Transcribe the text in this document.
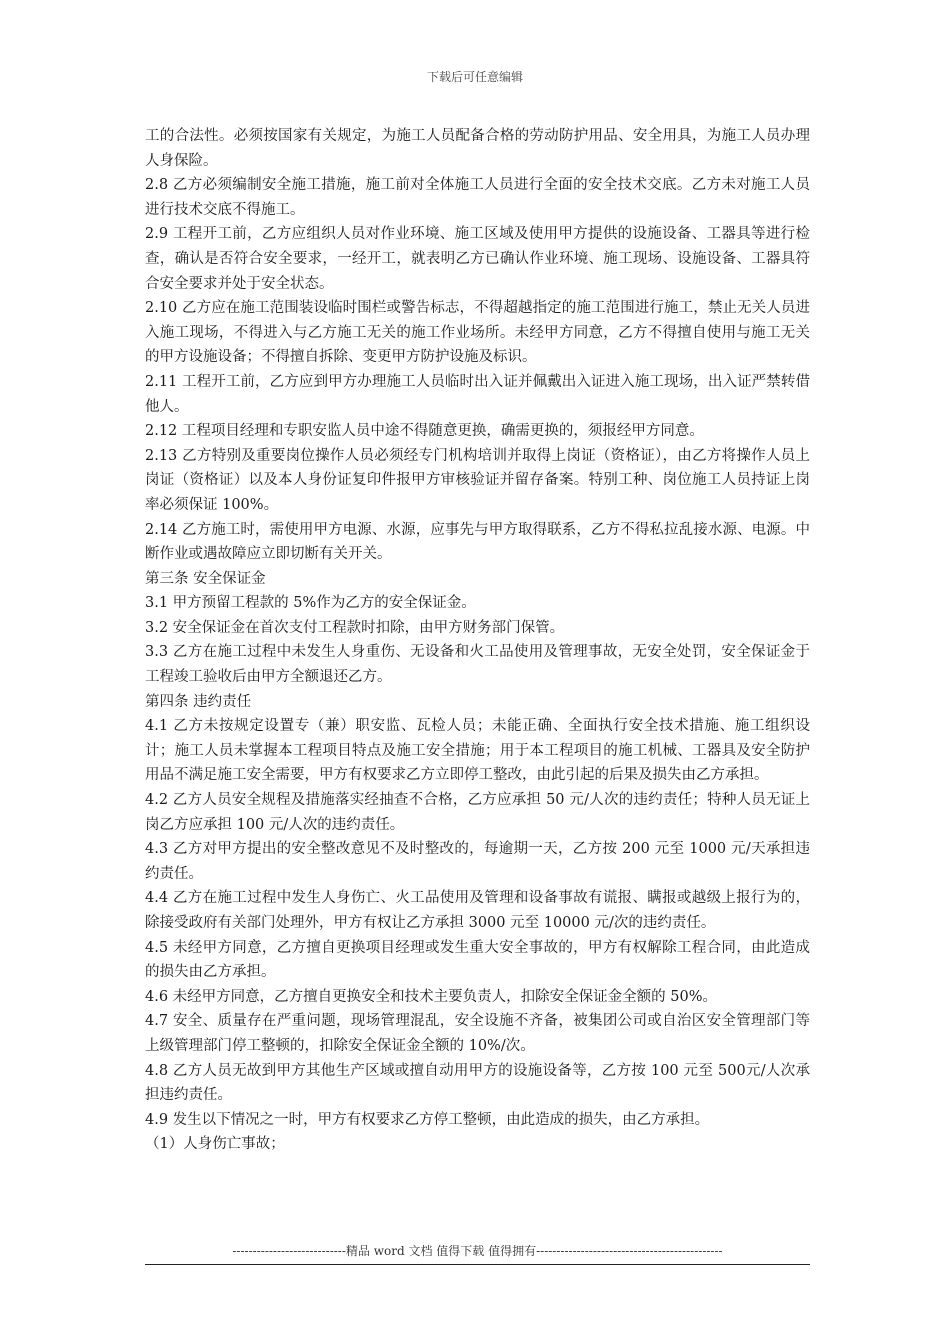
下载后可任意编辑

工的合法性。必须按国家有关规定，为施工人员配备合格的劳动防护用品、安全用具，为施工人员办理人身保险。

2.8 乙方必须编制安全施工措施，施工前对全体施工人员进行全面的安全技术交底。乙方未对施工人员进行技术交底不得施工。

2.9 工程开工前，乙方应组织人员对作业环境、施工区域及使用甲方提供的设施设备、工器具等进行检查，确认是否符合安全要求，一经开工，就表明乙方已确认作业环境、施工现场、设施设备、工器具符合安全要求并处于安全状态。

2.10 乙方应在施工范围装设临时围栏或警告标志，不得超越指定的施工范围进行施工，禁止无关人员进入施工现场，不得进入与乙方施工无关的施工作业场所。未经甲方同意，乙方不得擅自使用与施工无关的甲方设施设备；不得擅自拆除、变更甲方防护设施及标识。

2.11 工程开工前，乙方应到甲方办理施工人员临时出入证并佩戴出入证进入施工现场，出入证严禁转借他人。

2.12 工程项目经理和专职安监人员中途不得随意更换，确需更换的，须报经甲方同意。

2.13 乙方特别及重要岗位操作人员必须经专门机构培训并取得上岗证（资格证），由乙方将操作人员上岗证（资格证）以及本人身份证复印件报甲方审核验证并留存备案。特别工种、岗位施工人员持证上岗率必须保证 100%。

2.14 乙方施工时，需使用甲方电源、水源，应事先与甲方取得联系，乙方不得私拉乱接水源、电源。中断作业或遇故障应立即切断有关开关。

第三条 安全保证金

3.1 甲方预留工程款的 5%作为乙方的安全保证金。

3.2 安全保证金在首次支付工程款时扣除，由甲方财务部门保管。

3.3 乙方在施工过程中未发生人身重伤、无设备和火工品使用及管理事故，无安全处罚，安全保证金于工程竣工验收后由甲方全额退还乙方。

第四条 违约责任

4.1 乙方未按规定设置专（兼）职安监、瓦检人员；未能正确、全面执行安全技术措施、施工组织设计；施工人员未掌握本工程项目特点及施工安全措施；用于本工程项目的施工机械、工器具及安全防护用品不满足施工安全需要，甲方有权要求乙方立即停工整改，由此引起的后果及损失由乙方承担。

4.2 乙方人员安全规程及措施落实经抽查不合格，乙方应承担 50 元/人次的违约责任；特种人员无证上岗乙方应承担 100 元/人次的违约责任。

4.3 乙方对甲方提出的安全整改意见不及时整改的，每逾期一天，乙方按 200 元至 1000 元/天承担违约责任。

4.4 乙方在施工过程中发生人身伤亡、火工品使用及管理和设备事故有谎报、瞒报或越级上报行为的，除接受政府有关部门处理外，甲方有权让乙方承担 3000 元至 10000 元/次的违约责任。

4.5 未经甲方同意，乙方擅自更换项目经理或发生重大安全事故的，甲方有权解除工程合同，由此造成的损失由乙方承担。

4.6 未经甲方同意，乙方擅自更换安全和技术主要负责人，扣除安全保证金全额的 50%。

4.7 安全、质量存在严重问题，现场管理混乱，安全设施不齐备，被集团公司或自治区安全管理部门等上级管理部门停工整顿的，扣除安全保证金全额的 10%/次。

4.8 乙方人员无故到甲方其他生产区域或擅自动用甲方的设施设备等，乙方按 100 元至 500元/人次承担违约责任。

4.9 发生以下情况之一时，甲方有权要求乙方停工整顿，由此造成的损失，由乙方承担。

（1）人身伤亡事故；

----------------------------精品 word 文档 值得下载 值得拥有----------------------------------------------
